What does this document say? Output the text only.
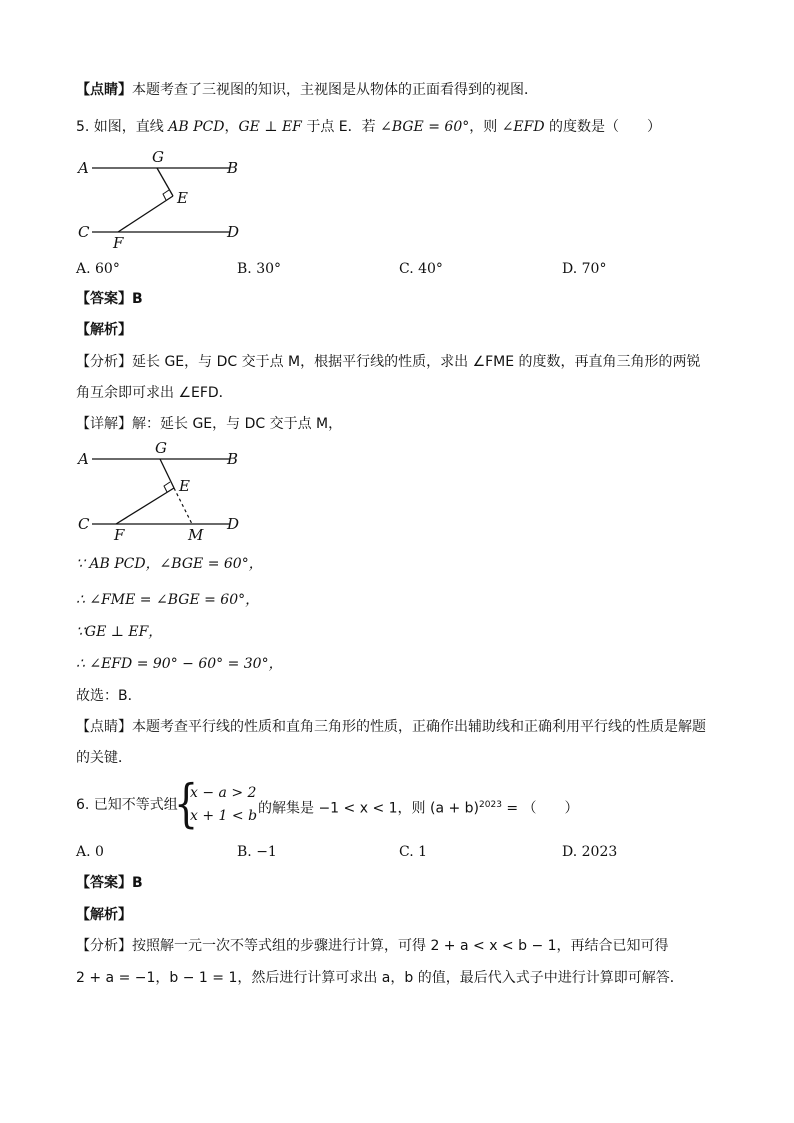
【点睛】本题考查了三视图的知识，主视图是从物体的正面看得到的视图．
5. 如图，直线 AB PCD，GE ⊥ EF 于点 E．若 ∠BGE = 60°，则 ∠EFD 的度数是（　　）
A	B
G
E
C	D
F
A. 60°	B. 30°	C. 40°	D. 70°
【答案】B
【解析】
【分析】延长 GE，与 DC 交于点 M，根据平行线的性质，求出 ∠FME 的度数，再直角三角形的两锐
角互余即可求出 ∠EFD．
【详解】解：延长 GE，与 DC 交于点 M，
A	B
G
E
C	D
F	M
∵ AB PCD，∠BGE = 60°，
∴ ∠FME = ∠BGE = 60°，
∵GE ⊥ EF，
∴ ∠EFD = 90° − 60° = 30°，
故选：B．
【点睛】本题考查平行线的性质和直角三角形的性质，正确作出辅助线和正确利用平行线的性质是解题
的关键．
6. 已知不等式组
{
x − a > 2
x + 1 < b 的解集是 −1 < x < 1，则 $(a + b)^{2023}$ = （　　）
A. 0	B. −1	C. 1	D. 2023
【答案】B
【解析】
【分析】按照解一元一次不等式组的步骤进行计算，可得 2 + a < x < b − 1，再结合已知可得
2 + a = −1，b − 1 = 1，然后进行计算可求出 a，b 的值，最后代入式子中进行计算即可解答．
